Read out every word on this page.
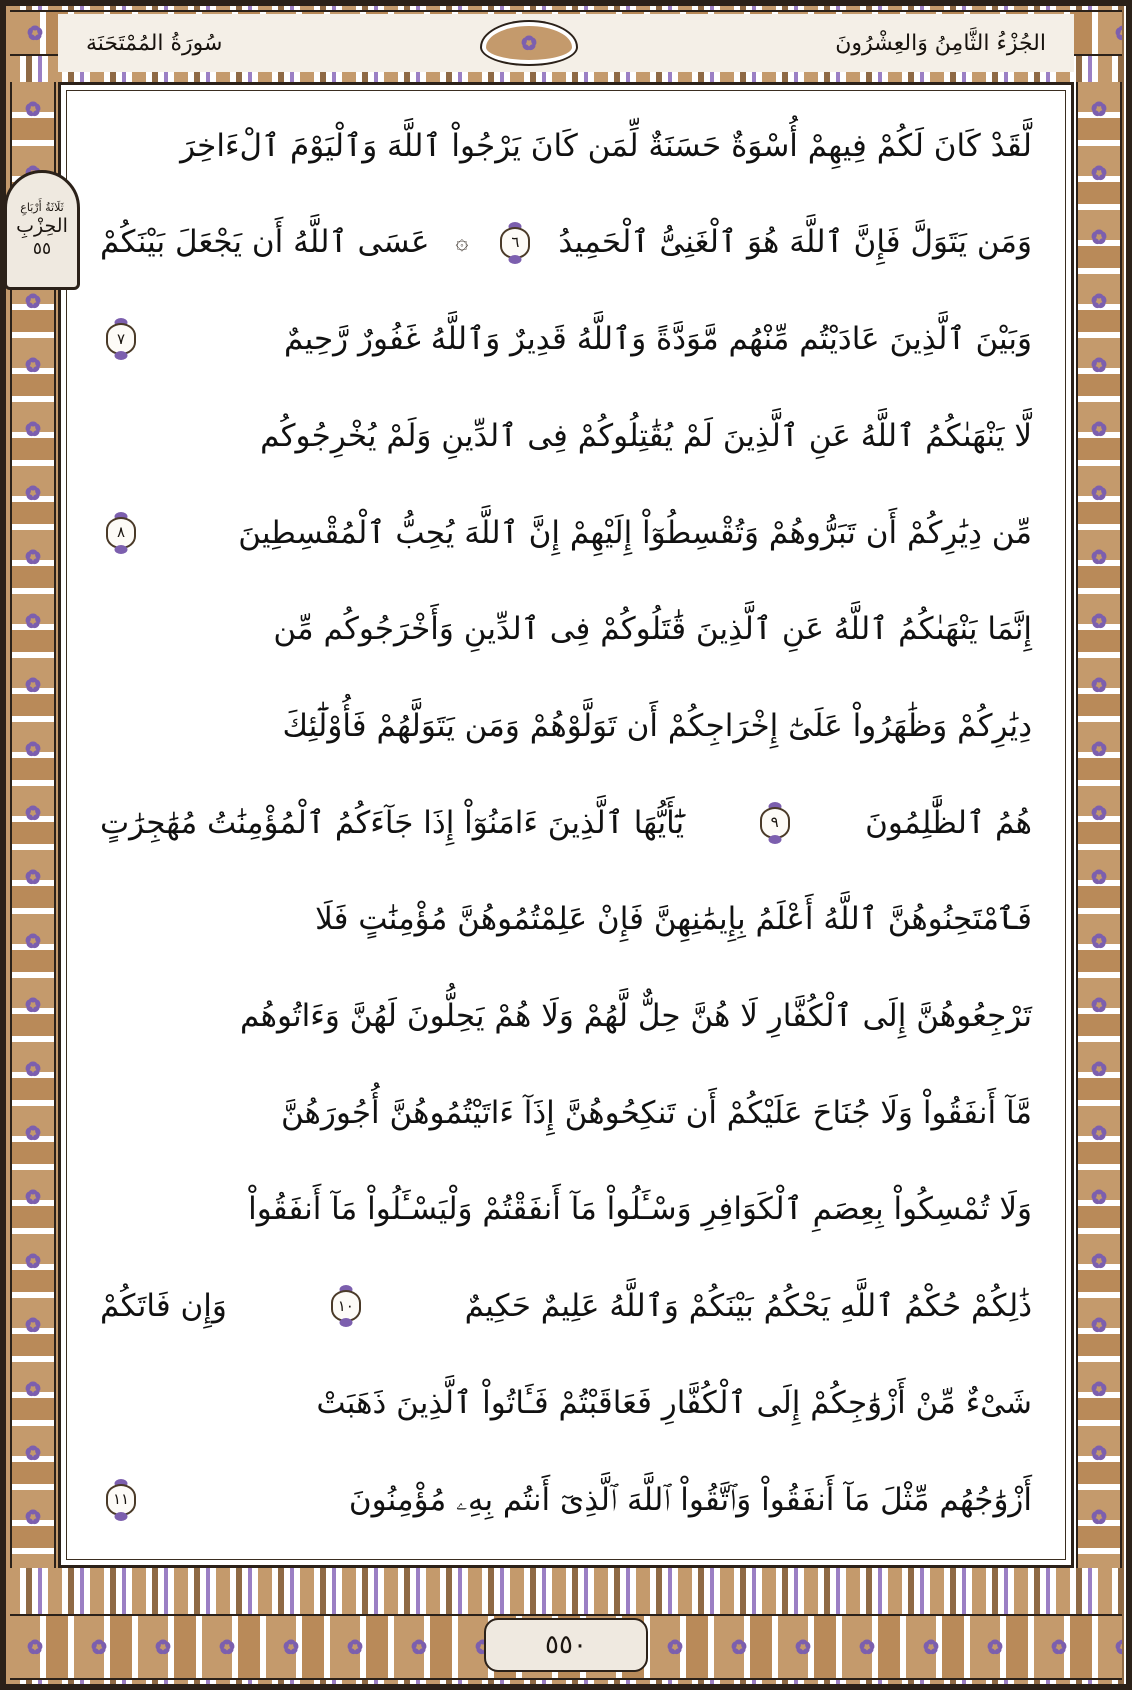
الجُزْءُ الثَّامِنُ وَالعِشْرُونَ
سُورَةُ المُمْتَحَنَة
ثَلَاثَةُ أَرْبَاعِ
الحِزْبِ
٥٥
لَّقَدْ كَانَ لَكُمْ فِيهِمْ أُسْوَةٌ حَسَنَةٌ لِّمَن كَانَ يَرْجُواْ ٱللَّهَ وَٱلْيَوْمَ ٱلْءَاخِرَ
وَمَن يَتَوَلَّ فَإِنَّ ٱللَّهَ هُوَ ٱلْغَنِىُّ ٱلْحَمِيدُ
٦
۞
عَسَى ٱللَّهُ أَن يَجْعَلَ بَيْنَكُمْ
وَبَيْنَ ٱلَّذِينَ عَادَيْتُم مِّنْهُم مَّوَدَّةً وَٱللَّهُ قَدِيرٌ وَٱللَّهُ غَفُورٌ رَّحِيمٌ
٧
لَّا يَنْهَىٰكُمُ ٱللَّهُ عَنِ ٱلَّذِينَ لَمْ يُقَٰتِلُوكُمْ فِى ٱلدِّينِ وَلَمْ يُخْرِجُوكُم
مِّن دِيَٰرِكُمْ أَن تَبَرُّوهُمْ وَتُقْسِطُوٓاْ إِلَيْهِمْ إِنَّ ٱللَّهَ يُحِبُّ ٱلْمُقْسِطِينَ
٨
إِنَّمَا يَنْهَىٰكُمُ ٱللَّهُ عَنِ ٱلَّذِينَ قَٰتَلُوكُمْ فِى ٱلدِّينِ وَأَخْرَجُوكُم مِّن
دِيَٰرِكُمْ وَظَٰهَرُواْ عَلَىٰٓ إِخْرَاجِكُمْ أَن تَوَلَّوْهُمْ وَمَن يَتَوَلَّهُمْ فَأُوْلَٰٓئِكَ
هُمُ ٱلظَّٰلِمُونَ
٩
يَٰٓأَيُّهَا ٱلَّذِينَ ءَامَنُوٓاْ إِذَا جَآءَكُمُ ٱلْمُؤْمِنَٰتُ مُهَٰجِرَٰتٍ
فَٱمْتَحِنُوهُنَّ ٱللَّهُ أَعْلَمُ بِإِيمَٰنِهِنَّ فَإِنْ عَلِمْتُمُوهُنَّ مُؤْمِنَٰتٍ فَلَا
تَرْجِعُوهُنَّ إِلَى ٱلْكُفَّارِ لَا هُنَّ حِلٌّ لَّهُمْ وَلَا هُمْ يَحِلُّونَ لَهُنَّ وَءَاتُوهُم
مَّآ أَنفَقُواْ وَلَا جُنَاحَ عَلَيْكُمْ أَن تَنكِحُوهُنَّ إِذَآ ءَاتَيْتُمُوهُنَّ أُجُورَهُنَّ
وَلَا تُمْسِكُواْ بِعِصَمِ ٱلْكَوَافِرِ وَسْـَٔلُواْ مَآ أَنفَقْتُمْ وَلْيَسْـَٔلُواْ مَآ أَنفَقُواْ
ذَٰلِكُمْ حُكْمُ ٱللَّهِ يَحْكُمُ بَيْنَكُمْ وَٱللَّهُ عَلِيمٌ حَكِيمٌ
١٠
وَإِن فَاتَكُمْ
شَىْءٌ مِّنْ أَزْوَٰجِكُمْ إِلَى ٱلْكُفَّارِ فَعَاقَبْتُمْ فَـَٔاتُواْ ٱلَّذِينَ ذَهَبَتْ
أَزْوَٰجُهُم مِّثْلَ مَآ أَنفَقُواْ وَٱتَّقُواْ ٱللَّهَ ٱلَّذِىٓ أَنتُم بِهِۦ مُؤْمِنُونَ
١١
٥٥٠
